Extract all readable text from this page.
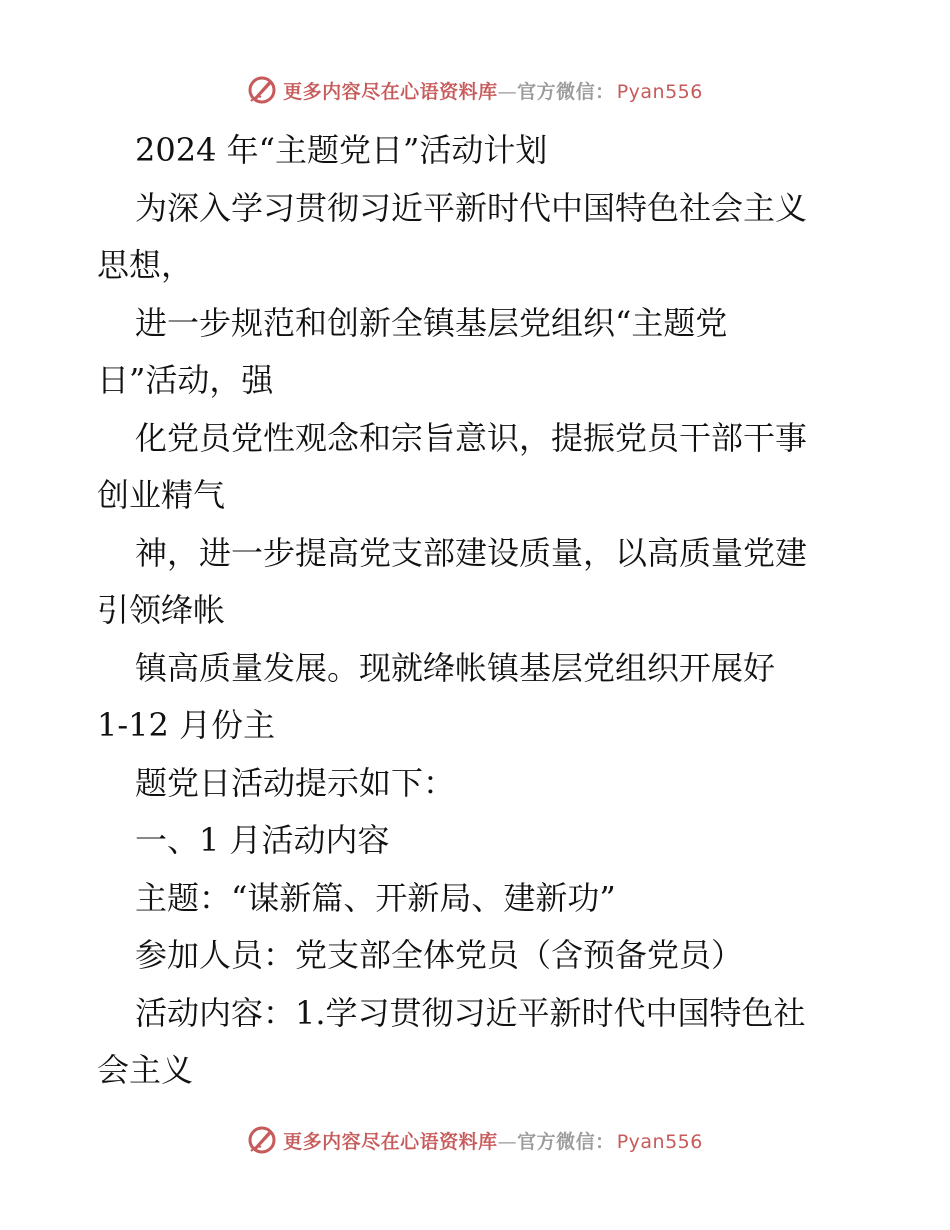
更多内容尽在心语资料库—官方微信： Pyan556
2024 年“主题党日”活动计划
为深入学习贯彻习近平新时代中国特色社会主义
思想，
进一步规范和创新全镇基层党组织“主题党
日”活动，强
化党员党性观念和宗旨意识，提振党员干部干事
创业精气
神，进一步提高党支部建设质量，以高质量党建
引领绛帐
镇高质量发展。现就绛帐镇基层党组织开展好
1-12 月份主
题党日活动提示如下：
一、1 月活动内容
主题：“谋新篇、开新局、建新功”
参加人员：党支部全体党员（含预备党员）
活动内容：1.学习贯彻习近平新时代中国特色社
会主义
更多内容尽在心语资料库—官方微信： Pyan556
